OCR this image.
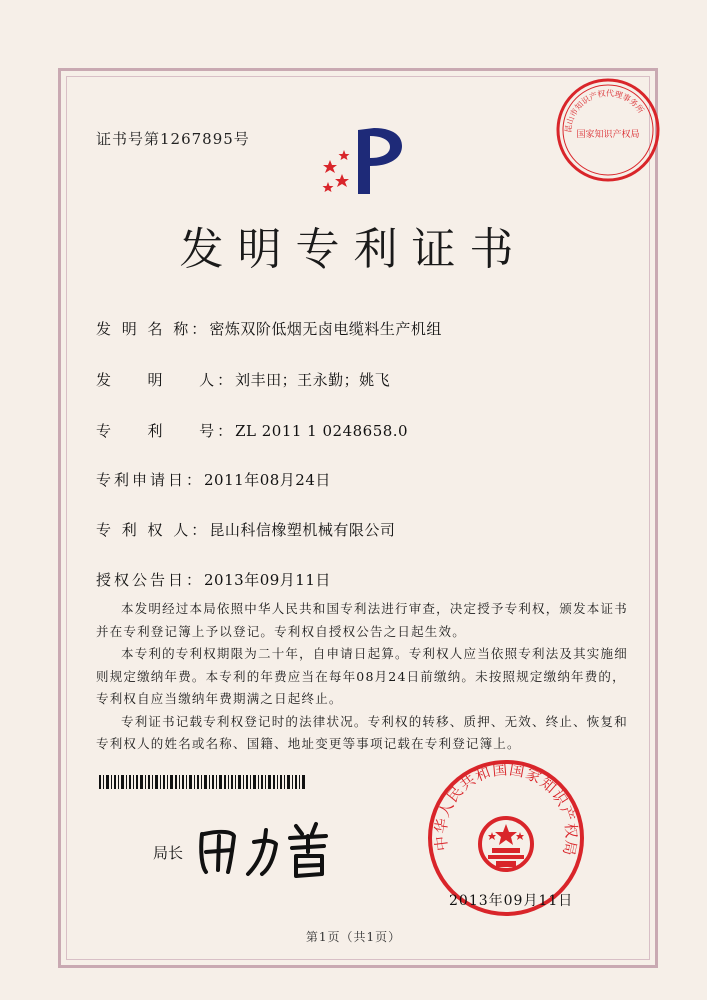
证书号第1267895号
昆山市知识产权代理事务所
国家知识产权局
发明专利证书
发 明 名 称：密炼双阶低烟无卤电缆料生产机组
发 　 明 　 人：刘丰田；王永勤；姚飞
专 　 利 　 号：ZL 2011 1 0248658.0
专利申请日：2011年08月24日
专 利 权 人：昆山科信橡塑机械有限公司
授权公告日：2013年09月11日

本发明经过本局依照中华人民共和国专利法进行审查，决定授予专利权，颁发本证书并在专利登记簿上予以登记。专利权自授权公告之日起生效。

本专利的专利权期限为二十年，自申请日起算。专利权人应当依照专利法及其实施细则规定缴纳年费。本专利的年费应当在每年08月24日前缴纳。未按照规定缴纳年费的，专利权自应当缴纳年费期满之日起终止。

专利证书记载专利权登记时的法律状况。专利权的转移、质押、无效、终止、恢复和专利权人的姓名或名称、国籍、地址变更等事项记载在专利登记簿上。

局长
中华人民共和国国家知识产权局
2013年09月11日
第1页（共1页）
